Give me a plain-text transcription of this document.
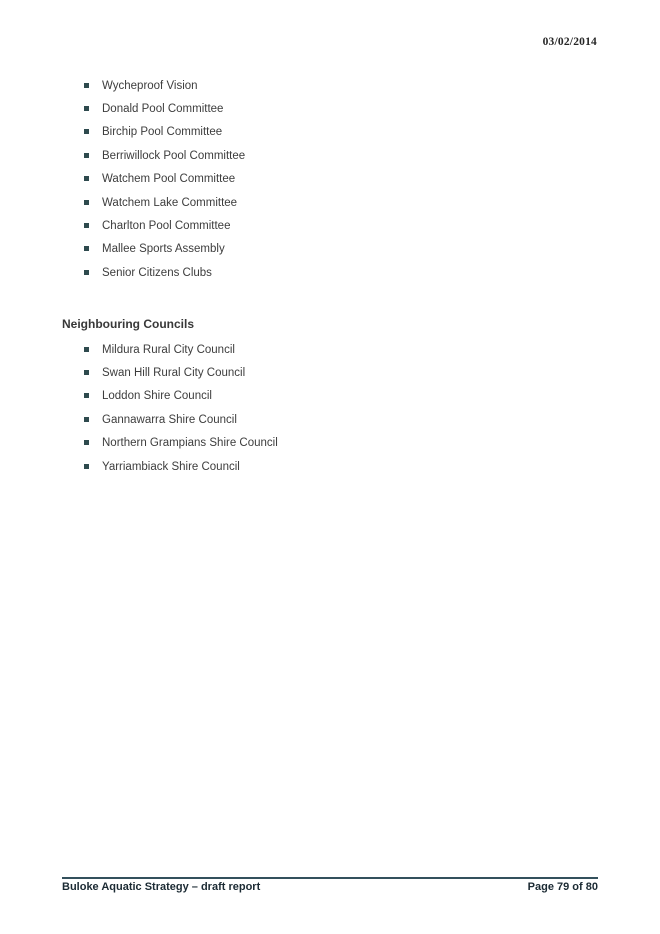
03/02/2014
Wycheproof Vision
Donald Pool Committee
Birchip Pool Committee
Berriwillock Pool Committee
Watchem Pool Committee
Watchem Lake Committee
Charlton Pool Committee
Mallee Sports Assembly
Senior Citizens Clubs
Neighbouring Councils
Mildura Rural City Council
Swan Hill Rural City Council
Loddon Shire Council
Gannawarra Shire Council
Northern Grampians Shire Council
Yarriambiack Shire Council
Buloke Aquatic Strategy – draft report	Page 79 of 80
